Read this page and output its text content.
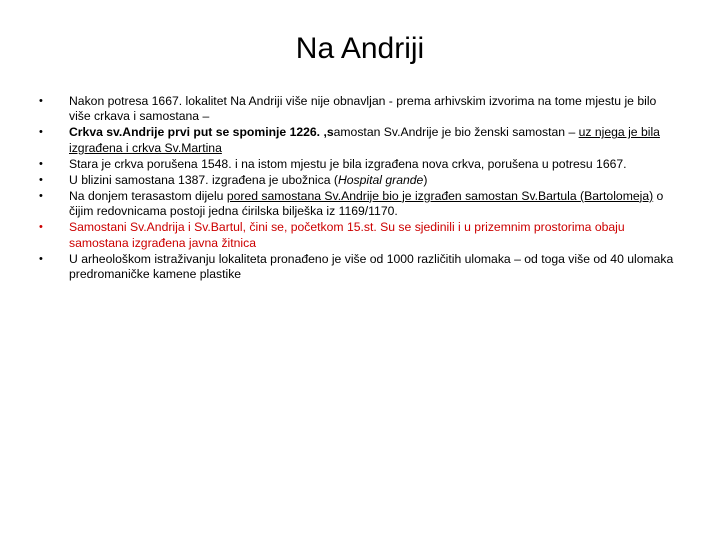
Na Andriji
• Nakon potresa 1667. lokalitet Na Andriji više nije obnavljan - prema arhivskim izvorima na tome mjestu je bilo više crkava i samostana –
• Crkva sv.Andrije prvi put se spominje 1226. ,samostan Sv.Andrije je bio ženski samostan – uz njega je bila izgrađena i crkva Sv.Martina
• Stara je crkva porušena 1548. i na istom mjestu je bila izgrađena nova crkva, porušena u potresu 1667.
• U blizini samostana 1387. izgrađena je ubožnica (Hospital grande)
• Na donjem terasastom dijelu pored samostana Sv.Andrije bio je izgrađen samostan Sv.Bartula (Bartolomeja) o čijim redovnicama postoji jedna ćirilska bilješka iz 1169/1170.
• Samostani Sv.Andrija i Sv.Bartul, čini se, početkom 15.st. Su se sjedinili i u prizemnim prostorima obaju samostana izgrađena javna žitnica
• U arheološkom istraživanju lokaliteta pronađeno je više od 1000 različitih ulomaka – od toga više od 40 ulomaka predromaničke kamene plastike
